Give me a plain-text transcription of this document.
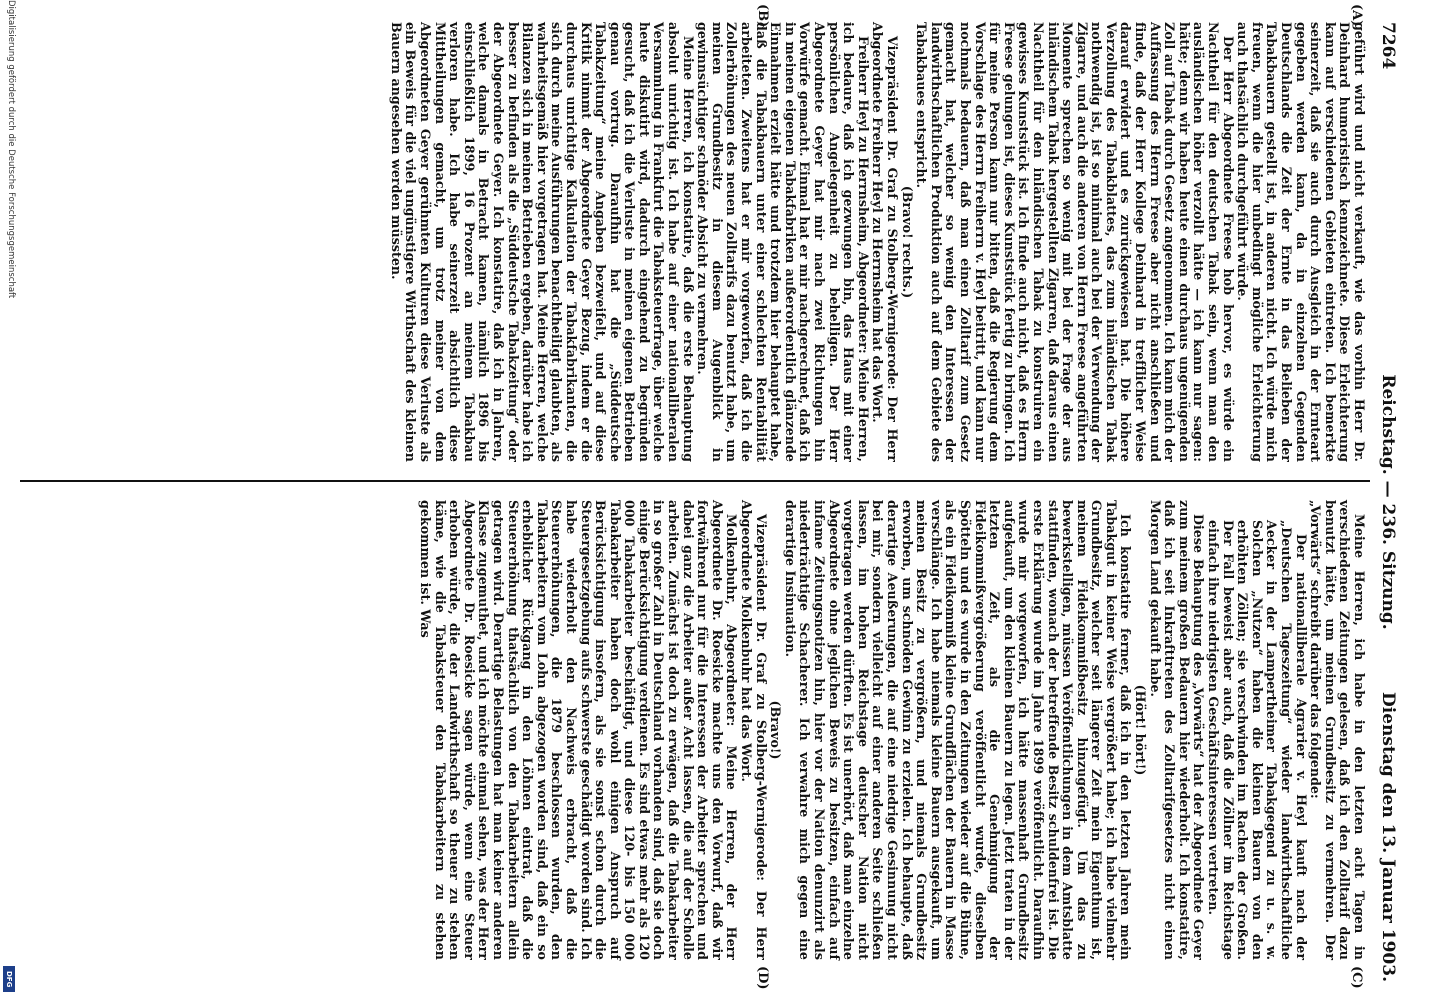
Digitalisierung gefördert durch die Deutsche Forschungsgemeinschaft
DFG
7264
Reichstag. — 236. Sitzung.
Dienstag den 13. Januar 1903.
(A)
(B)
(C)
(D)

geführt wird und nicht verkauft, wie das vorhin Herr Dr. Deinhard humoristisch kennzeichnete. Diese Erleichterung kann auf verschiedenen Gebieten eintreten. Ich bemerkte seinerzeit, daß sie auch durch Ausgleich in der Ernteart gegeben werden kann, da in einzelnen Gegenden Deutschlands die Zeit der Ernte in das Belieben der Tabakbauern gestellt ist, in anderen nicht. Ich würde mich freuen, wenn die hier unbedingt mögliche Erleichterung auch thatsächlich durchgeführt würde.

Der Herr Abgeordnete Freese hob hervor, es würde ein Nachtheil für den deutschen Tabak sein, wenn man den ausländischen höher verzollt hätte — ich kann nur sagen: hätte; denn wir haben heute einen durchaus ungenügenden Zoll auf Tabak durch Gesetz angenommen. Ich kann mich der Auffassung des Herrn Freese aber nicht anschließen und finde, daß der Herr Kollege Deinhard in trefflicher Weise darauf erwidert und es zurückgewiesen hat. Die höhere Verzollung des Tabakblattes, das zum inländischen Tabak nothwendig ist, ist so minimal auch bei der Verwendung der Zigarre, und auch die anderen von Herrn Freese angeführten Momente sprechen so wenig mit bei der Frage der aus inländischem Tabak hergestellten Zigarren, daß daraus einen Nachtheil für den inländischen Tabak zu konstruiren ein gewisses Kunststück ist. Ich finde auch nicht, daß es Herrn Freese gelungen ist, dieses Kunststück fertig zu bringen. Ich für meine Person kann nur bitten, daß die Regierung dem Vorschlage des Herrn Freiherrn v. Heyl beitritt, und kann nur nochmals bedauern, daß man einen Zolltarif zum Gesetz gemacht hat, welcher so wenig den Interessen der landwirthschaftlichen Produktion auch auf dem Gebiete des Tabakbaues entspricht.

(Bravo! rechts.)

Vizepräsident Dr. Graf zu Stolberg-Wernigerode: Der Herr Abgeordnete Freiherr Heyl zu Herrnsheim hat das Wort.

Freiherr Heyl zu Herrnsheim, Abgeordneter: Meine Herren, ich bedaure, daß ich gezwungen bin, das Haus mit einer persönlichen Angelegenheit zu behelligen. Der Herr Abgeordnete Geyer hat mir nach zwei Richtungen hin Vorwürfe gemacht. Einmal hat er mir nachgerechnet, daß ich in meinen eigenen Tabakfabriken außerordentlich glänzende Einnahmen erzielt hätte und trotzdem hier behauptet habe, daß die Tabakbauern unter einer schlechten Rentabilität arbeiteten. Zweitens hat er mir vorgeworfen, daß ich die Zollerhöhungen des neuen Zolltarifs dazu benutzt habe, um meinen Grundbesitz in diesem Augenblick in gewinnsüchtiger schnöder Absicht zu vermehren.

Meine Herren, ich konstatire, daß die erste Behauptung absolut unrichtig ist. Ich habe auf einer nationalliberalen Versammlung in Frankfurt die Tabaksteuerfrage, über welche heute diskutirt wird, dadurch eingehend zu begründen gesucht, daß ich die Verluste in meinen eigenen Betrieben genau vortrug. Daraufhin hat die „Süddeutsche Tabakzeitung“ meine Angaben bezweifelt, und auf diese Kritik nimmt der Abgeordnete Geyer Bezug, indem er die durchaus unrichtige Kalkulation der Tabakfabrikanten, die sich durch meine Ausführungen benachtheiligt glaubten, als wahrheitsgemäß hier vorgetragen hat. Meine Herren, welche Bilanzen sich in meinen Betrieben ergeben, darüber habe ich besser zu befinden als die „Süddeutsche Tabakzeitung“ oder der Abgeordnete Geyer. Ich konstatire, daß ich in Jahren, welche damals in Betracht kamen, nämlich 1896 bis einschließlich 1899, 16 Prozent an meinem Tabakbau verloren habe. Ich habe seinerzeit absichtlich diese Mittheilungen gemacht, um trotz meiner von dem Abgeordneten Geyer gerühmten Kulturen diese Verluste als ein Beweis für die viel ungünstigere Wirthschaft des kleinen Bauern angesehen werden müssten.

Meine Herren, ich habe in den letzten acht Tagen in verschiedenen Zeitungen gelesen, daß ich den Zolltarif dazu benutzt hätte, um meinen Grundbesitz zu vermehren. Der „Vorwärts“ schreibt darüber das folgende:

Der nationalliberale Agrarier v. Heyl kauft nach der „Deutschen Tageszeitung“ wieder landwirthschaftliche Aecker in der Lampertheimer Tabakgegend zu u. s. w. Solchen „Nutzen“ haben die kleinen Bauern von den erhöhten Zöllen; sie verschwinden im Rachen der Großen. Der Fall beweist aber auch, daß die Zöllner im Reichstage einfach ihre niedrigsten Geschäftsinteressen vertreten.

Diese Behauptung des „Vorwärts“ hat der Abgeordnete Geyer zum meinem großen Bedauern hier wiederholt. Ich konstatire, daß ich seit Inkrafttreten des Zolltarifgesetzes nicht einen Morgen Land gekauft habe.

(Hört! hört!)

Ich konstatire ferner, daß ich in den letzten Jahren mein Tabakgut in keiner Weise vergrößert habe; ich habe vielmehr Grundbesitz, welcher seit längerer Zeit mein Eigenthum ist, meinem Fideikommißbesitz hinzugefügt. Um das zu bewerkstelligen, müssen Veröffentlichungen in dem Amtsblatte stattfinden, wonach der betreffende Besitz schuldenfrei ist. Die erste Erklärung wurde im Jahre 1899 veröffentlicht. Daraufhin wurde mir vorgeworfen, ich hätte massenhaft Grundbesitz aufgekauft, um den kleinen Bauern zu legen. Jetzt traten in der letzten Zeit, als die Genehmigung der Fideikommißvergrößerung veröffentlicht wurde, dieselben Spötteln und es wurde in den Zeitungen wieder auf die Bühne, als ein Fideikommiß kleine Grundflächen der Bauern in Masse verschlänge. Ich habe niemals kleine Bauern ausgekauft, um meinen Besitz zu vergrößern, und niemals Grundbesitz erworben, um schnöden Gewinn zu erzielen. Ich behaupte, daß derartige Aeußerungen, die auf eine niedrige Gesinnung nicht bei mir, sondern vielleicht auf einer anderen Seite schließen lassen, im hohen Reichstage deutscher Nation nicht vorgetragen werden dürften. Es ist unerhört, daß man einzelne Abgeordnete ohne jeglichen Beweis zu besitzen, einfach auf infame Zeitungsnotizen hin, hier vor der Nation denunzirt als niederträchtige Schacherer. Ich verwahre mich gegen eine derartige Insinuation.

(Bravo!)

Vizepräsident Dr. Graf zu Stolberg-Wernigerode: Der Herr Abgeordnete Molkenbuhr hat das Wort.

Molkenbuhr, Abgeordneter: Meine Herren, der Herr Abgeordnete Dr. Roesicke machte uns den Vorwurf, daß wir fortwährend nur für die Interessen der Arbeiter sprechen und dabei ganz die Arbeiter außer Acht lassen, die auf der Scholle arbeiten. Zunächst ist doch zu erwägen, daß die Tabakarbeiter in so großer Zahl in Deutschland vorhanden sind, daß sie doch einige Berücksichtigung verdienen. Es sind etwas mehr als 120 000 Tabakarbeiter beschäftigt, und diese 120- bis 150 000 Tabakarbeiter haben doch wohl einigen Anspruch auf Berücksichtigung insofern, als sie sonst schon durch die Steuergesetzgebung aufs schwerste geschädigt worden sind. Ich habe wiederholt den Nachweis erbracht, daß die Steuererhöhungen, die 1879 beschlossen wurden, den Tabakarbeitern vom Lohn abgezogen worden sind, daß ein so erheblicher Rückgang in den Löhnen eintrat, daß die Steuererhöhung thatsächlich von den Tabakarbeitern allein getragen wird. Derartige Belastungen hat man keiner anderen Klasse zugemuthet, und ich möchte einmal sehen, was der Herr Abgeordnete Dr. Roesicke sagen würde, wenn eine Steuer erhoben würde, die der Landwirthschaft so theuer zu stehen käme, wie die Tabaksteuer den Tabakarbeitern zu stehen gekommen ist. Was
